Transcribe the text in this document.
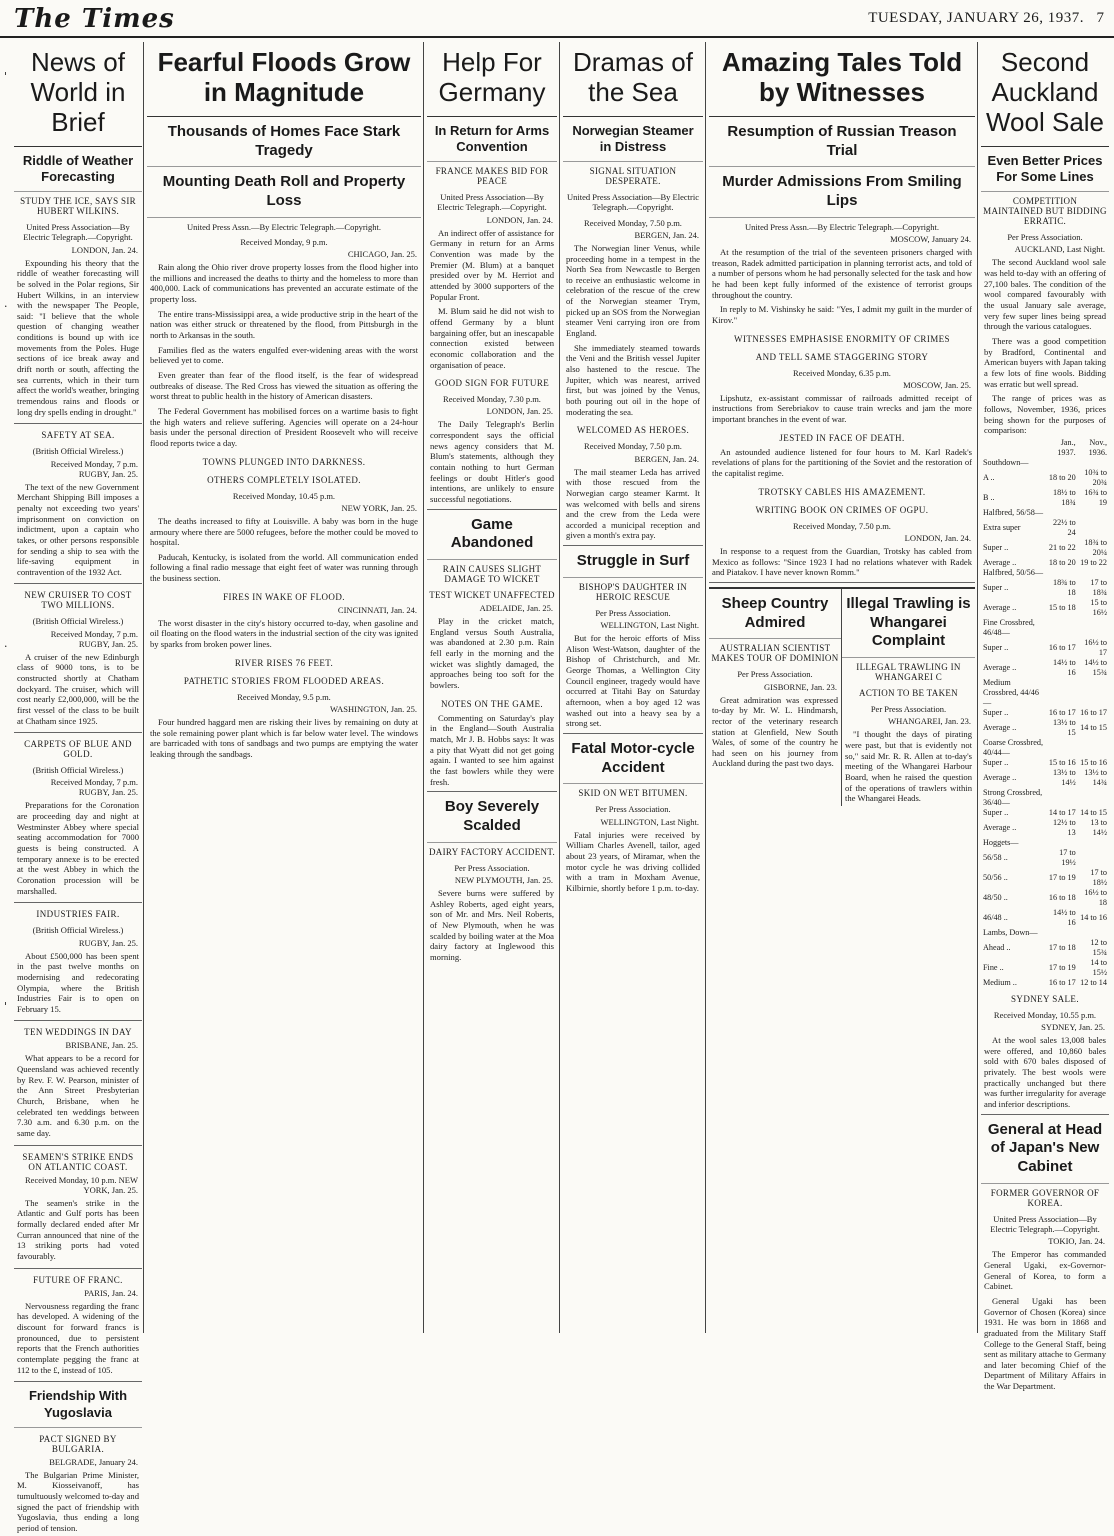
The Times	TUESDAY, JANUARY 26, 1937. 7
'
·
·
'
News of World in Brief
Riddle of Weather Forecasting
STUDY THE ICE, SAYS SIR HUBERT WILKINS.
United Press Association—By Electric Telegraph.—Copyright.
LONDON, Jan. 24.
Expounding his theory that the riddle of weather forecasting will be solved in the Polar regions, Sir Hubert Wilkins, in an interview with the newspaper The People, said: "I believe that the whole question of changing weather conditions is bound up with ice movements from the Poles. Huge sections of ice break away and drift north or south, affecting the sea currents, which in their turn affect the world's weather, bringing tremendous rains and floods or long dry spells ending in drought."
SAFETY AT SEA.
(British Official Wireless.)
Received Monday, 7 p.m. RUGBY, Jan. 25.
The text of the new Government Merchant Shipping Bill imposes a penalty not exceeding two years' imprisonment on conviction on indictment, upon a captain who takes, or other persons responsible for sending a ship to sea with the life-saving equipment in contravention of the 1932 Act.
NEW CRUISER TO COST TWO MILLIONS.
(British Official Wireless.)
Received Monday, 7 p.m. RUGBY, Jan. 25.
A cruiser of the new Edinburgh class of 9000 tons, is to be constructed shortly at Chatham dockyard. The cruiser, which will cost nearly £2,000,000, will be the first vessel of the class to be built at Chatham since 1925.
CARPETS OF BLUE AND GOLD.
(British Official Wireless.)
Received Monday, 7 p.m. RUGBY, Jan. 25.
Preparations for the Coronation are proceeding day and night at Westminster Abbey where special seating accommodation for 7000 guests is being constructed. A temporary annexe is to be erected at the west Abbey in which the Coronation procession will be marshalled.
INDUSTRIES FAIR.
(British Official Wireless.)
RUGBY, Jan. 25.
About £500,000 has been spent in the past twelve months on modernising and redecorating Olympia, where the British Industries Fair is to open on February 15.
TEN WEDDINGS IN DAY
BRISBANE, Jan. 25.
What appears to be a record for Queensland was achieved recently by Rev. F. W. Pearson, minister of the Ann Street Presbyterian Church, Brisbane, when he celebrated ten weddings between 7.30 a.m. and 6.30 p.m. on the same day.
SEAMEN'S STRIKE ENDS ON ATLANTIC COAST.
Received Monday, 10 p.m. NEW YORK, Jan. 25.
The seamen's strike in the Atlantic and Gulf ports has been formally declared ended after Mr Curran announced that nine of the 13 striking ports had voted favourably.
FUTURE OF FRANC.
PARIS, Jan. 24.
Nervousness regarding the franc has developed. A widening of the discount for forward francs is pronounced, due to persistent reports that the French authorities contemplate pegging the franc at 112 to the £, instead of 105.
Friendship With Yugoslavia
PACT SIGNED BY BULGARIA.
BELGRADE, January 24.
The Bulgarian Prime Minister, M. Kiosseivanoff, has tumultuously welcomed to-day and signed the pact of friendship with Yugoslavia, thus ending a long period of tension.
Fearful Floods Grow in Magnitude
Thousands of Homes Face Stark Tragedy
Mounting Death Roll and Property Loss
United Press Assn.—By Electric Telegraph.—Copyright.
Received Monday, 9 p.m.
CHICAGO, Jan. 25.
Rain along the Ohio river drove property losses from the flood higher into the millions and increased the deaths to thirty and the homeless to more than 400,000. Lack of communications has prevented an accurate estimate of the property loss.
The entire trans-Mississippi area, a wide productive strip in the heart of the nation was either struck or threatened by the flood, from Pittsburgh in the north to Arkansas in the south.
Families fled as the waters engulfed ever-widening areas with the worst believed yet to come.
Even greater than fear of the flood itself, is the fear of widespread outbreaks of disease. The Red Cross has viewed the situation as offering the worst threat to public health in the history of American disasters.
The Federal Government has mobilised forces on a wartime basis to fight the high waters and relieve suffering. Agencies will operate on a 24-hour basis under the personal direction of President Roosevelt who will receive flood reports twice a day.
TOWNS PLUNGED INTO DARKNESS.
OTHERS COMPLETELY ISOLATED.
Received Monday, 10.45 p.m.
NEW YORK, Jan. 25.
The deaths increased to fifty at Louisville. A baby was born in the huge armoury where there are 5000 refugees, before the mother could be moved to hospital.
Paducah, Kentucky, is isolated from the world. All communication ended following a final radio message that eight feet of water was running through the business section.
FIRES IN WAKE OF FLOOD.
CINCINNATI, Jan. 24.
The worst disaster in the city's history occurred to-day, when gasoline and oil floating on the flood waters in the industrial section of the city was ignited by sparks from broken power lines.
RIVER RISES 76 FEET.
PATHETIC STORIES FROM FLOODED AREAS.
Received Monday, 9.5 p.m.
WASHINGTON, Jan. 25.
Four hundred haggard men are risking their lives by remaining on duty at the sole remaining power plant which is far below water level. The windows are barricaded with tons of sandbags and two pumps are emptying the water leaking through the sandbags.
Help For Germany
In Return for Arms Convention
FRANCE MAKES BID FOR PEACE
United Press Association—By Electric Telegraph.—Copyright.
LONDON, Jan. 24.
An indirect offer of assistance for Germany in return for an Arms Convention was made by the Premier (M. Blum) at a banquet presided over by M. Herriot and attended by 3000 supporters of the Popular Front.
M. Blum said he did not wish to offend Germany by a blunt bargaining offer, but an inescapable connection existed between economic collaboration and the organisation of peace.
GOOD SIGN FOR FUTURE
Received Monday, 7.30 p.m.
LONDON, Jan. 25.
The Daily Telegraph's Berlin correspondent says the official news agency considers that M. Blum's statements, although they contain nothing to hurt German feelings or doubt Hitler's good intentions, are unlikely to ensure successful negotiations.
Game Abandoned
RAIN CAUSES SLIGHT DAMAGE TO WICKET
TEST WICKET UNAFFECTED
ADELAIDE, Jan. 25.
Play in the cricket match, England versus South Australia, was abandoned at 2.30 p.m. Rain fell early in the morning and the wicket was slightly damaged, the approaches being too soft for the bowlers.
NOTES ON THE GAME.
Commenting on Saturday's play in the England—South Australia match, Mr J. B. Hobbs says: It was a pity that Wyatt did not get going again. I wanted to see him against the fast bowlers while they were fresh.
Boy Severely Scalded
DAIRY FACTORY ACCIDENT.
Per Press Association.
NEW PLYMOUTH, Jan. 25.
Severe burns were suffered by Ashley Roberts, aged eight years, son of Mr. and Mrs. Neil Roberts, of New Plymouth, when he was scalded by boiling water at the Moa dairy factory at Inglewood this morning.
Dramas of the Sea
Norwegian Steamer in Distress
SIGNAL SITUATION DESPERATE.
United Press Association—By Electric Telegraph.—Copyright.
Received Monday, 7.50 p.m.
BERGEN, Jan. 24.
The Norwegian liner Venus, while proceeding home in a tempest in the North Sea from Newcastle to Bergen to receive an enthusiastic welcome in celebration of the rescue of the crew of the Norwegian steamer Trym, picked up an SOS from the Norwegian steamer Veni carrying iron ore from England.
She immediately steamed towards the Veni and the British vessel Jupiter also hastened to the rescue. The Jupiter, which was nearest, arrived first, but was joined by the Venus, both pouring out oil in the hope of moderating the sea.
WELCOMED AS HEROES.
Received Monday, 7.50 p.m.
BERGEN, Jan. 24.
The mail steamer Leda has arrived with those rescued from the Norwegian cargo steamer Karmt. It was welcomed with bells and sirens and the crew from the Leda were accorded a municipal reception and given a month's extra pay.
Struggle in Surf
BISHOP'S DAUGHTER IN HEROIC RESCUE
Per Press Association.
WELLINGTON, Last Night.
But for the heroic efforts of Miss Alison West-Watson, daughter of the Bishop of Christchurch, and Mr. George Thomas, a Wellington City Council engineer, tragedy would have occurred at Titahi Bay on Saturday afternoon, when a boy aged 12 was washed out into a heavy sea by a strong set.
Fatal Motor-cycle Accident
SKID ON WET BITUMEN.
Per Press Association.
WELLINGTON, Last Night.
Fatal injuries were received by William Charles Avenell, tailor, aged about 23 years, of Miramar, when the motor cycle he was driving collided with a tram in Moxham Avenue, Kilbirnie, shortly before 1 p.m. to-day.
Amazing Tales Told by Witnesses
Resumption of Russian Treason Trial
Murder Admissions From Smiling Lips
United Press Assn.—By Electric Telegraph.—Copyright.
MOSCOW, January 24.
At the resumption of the trial of the seventeen prisoners charged with treason, Radek admitted participation in planning terrorist acts, and told of a number of persons whom he had personally selected for the task and how he had been kept fully informed of the existence of terrorist groups throughout the country.
In reply to M. Vishinsky he said: "Yes, I admit my guilt in the murder of Kirov."
WITNESSES EMPHASISE ENORMITY OF CRIMES
AND TELL SAME STAGGERING STORY
Received Monday, 6.35 p.m.
MOSCOW, Jan. 25.
Lipshutz, ex-assistant commissar of railroads admitted receipt of instructions from Serebriakov to cause train wrecks and jam the more important branches in the event of war.
JESTED IN FACE OF DEATH.
An astounded audience listened for four hours to M. Karl Radek's revelations of plans for the partitioning of the Soviet and the restoration of the capitalist regime.
TROTSKY CABLES HIS AMAZEMENT.
WRITING BOOK ON CRIMES OF OGPU.
Received Monday, 7.50 p.m.
LONDON, Jan. 24.
In response to a request from the Guardian, Trotsky has cabled from Mexico as follows: "Since 1923 I had no relations whatever with Radek and Piatakov. I have never known Romm."
Sheep Country Admired
AUSTRALIAN SCIENTIST MAKES TOUR OF DOMINION
Per Press Association.
GISBORNE, Jan. 23.
Great admiration was expressed to-day by Mr. W. L. Hindmarsh, rector of the veterinary research station at Glenfield, New South Wales, of some of the country he had seen on his journey from Auckland during the past two days.
Illegal Trawling is Whangarei Complaint
ILLEGAL TRAWLING IN WHANGAREI C
ACTION TO BE TAKEN
Per Press Association.
WHANGAREI, Jan. 23.
"I thought the days of pirating were past, but that is evidently not so," said Mr. R. R. Allen at to-day's meeting of the Whangarei Harbour Board, when he raised the question of the operations of trawlers within the Whangarei Heads.
Second Auckland Wool Sale
Even Better Prices For Some Lines
COMPETITION MAINTAINED BUT BIDDING ERRATIC.
Per Press Association.
AUCKLAND, Last Night.
The second Auckland wool sale was held to-day with an offering of 27,100 bales. The condition of the wool compared favourably with the usual January sale average, very few super lines being spread through the various catalogues.
There was a good competition by Bradford, Continental and American buyers with Japan taking a few lots of fine wools. Bidding was erratic but well spread.
The range of prices was as follows, November, 1936, prices being shown for the purposes of comparison:
	Jan., 1937.	Nov., 1936.
Southdown—		
A ..	18 to 20	10¾ to 20¾
B ..	18½ to 18¾	16¾ to 19
Halfbred, 56/58—		
Extra super	22½ to 24	
Super ..	21 to 22	18¾ to 20¼
Average ..	18 to 20	19 to 22
Halfbred, 50/56—		
Super ..	18¾ to 18	17 to 18¾
Average ..	15 to 18	15 to 16½
Fine Crossbred, 46/48—		
Super ..	16 to 17	16½ to 17
Average ..	14½ to 16	14½ to 15¾
Medium Crossbred, 44/46—		
Super ..	16 to 17	16 to 17
Average ..	13½ to 15	14 to 15
Coarse Crossbred, 40/44—		
Super ..	15 to 16	15 to 16
Average ..	13½ to 14½	13½ to 14¾
Strong Crossbred, 36/40—		
Super ..	14 to 17	14 to 15
Average ..	12½ to 13	13 to 14½
Hoggets—		
56/58 ..	17 to 19½	
50/56 ..	17 to 19	17 to 18½
48/50 ..	16 to 18	16½ to 18
46/48 ..	14½ to 16	14 to 16
Lambs, Down—		
Ahead ..	17 to 18	12 to 15¾
Fine ..	17 to 19	14 to 15½
Medium ..	16 to 17	12 to 14
SYDNEY SALE.
Received Monday, 10.55 p.m.
SYDNEY, Jan. 25.
At the wool sales 13,008 bales were offered, and 10,860 bales sold with 670 bales disposed of privately. The best wools were practically unchanged but there was further irregularity for average and inferior descriptions.
General at Head of Japan's New Cabinet
FORMER GOVERNOR OF KOREA.
United Press Association—By Electric Telegraph.—Copyright.
TOKIO, Jan. 24.
The Emperor has commanded General Ugaki, ex-Governor-General of Korea, to form a Cabinet.
General Ugaki has been Governor of Chosen (Korea) since 1931. He was born in 1868 and graduated from the Military Staff College to the General Staff, being sent as military attache to Germany and later becoming Chief of the Department of Military Affairs in the War Department.
